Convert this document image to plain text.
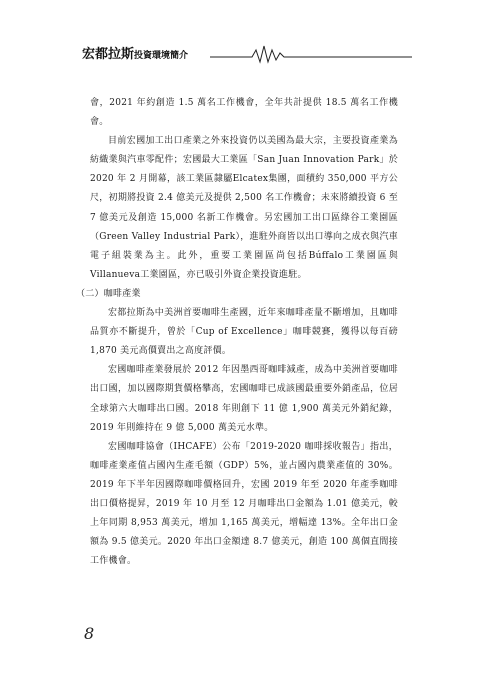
宏都拉斯投資環境簡介

會，2021 年約創造 1.5 萬名工作機會，全年共計提供 18.5 萬名工作機會。

目前宏國加工出口產業之外來投資仍以美國為最大宗，主要投資產業為紡織業與汽車零配件；宏國最大工業區「San Juan Innovation Park」於 2020 年 2 月開幕，該工業區隸屬Elcatex集團，面積約 350,000 平方公尺，初期將投資 2.4 億美元及提供 2,500 名工作機會；未來將續投資 6 至 7 億美元及創造 15,000 名新工作機會。另宏國加工出口區綠谷工業園區（Green Valley Industrial Park），進駐外商皆以出口導向之成衣與汽車電子組裝業為主。此外，重要工業園區尚包括Búffalo工業園區與Villanueva工業園區，亦已吸引外資企業投資進駐。

（二）咖啡產業

宏都拉斯為中美洲首要咖啡生產國，近年來咖啡產量不斷增加，且咖啡品質亦不斷提升，曾於「Cup of Excellence」咖啡競賽，獲得以每百磅 1,870 美元高價賣出之高度評價。

宏國咖啡產業發展於 2012 年因墨西哥咖啡減產，成為中美洲首要咖啡出口國，加以國際期貨價格攀高，宏國咖啡已成該國最重要外銷產品，位居全球第六大咖啡出口國。2018 年則創下 11 億 1,900 萬美元外銷紀錄，2019 年則維持在 9 億 5,000 萬美元水準。

宏國咖啡協會（IHCAFE）公布「2019-2020 咖啡採收報告」指出，咖啡產業產值占國內生產毛額（GDP）5%，並占國內農業產值的 30%。2019 年下半年因國際咖啡價格回升，宏國 2019 年至 2020 年產季咖啡出口價格提昇，2019 年 10 月至 12 月咖啡出口金額為 1.01 億美元，較上年同期 8,953 萬美元，增加 1,165 萬美元，增幅達 13%。全年出口金額為 9.5 億美元。2020 年出口金額達 8.7 億美元，創造 100 萬個直間接工作機會。

8
